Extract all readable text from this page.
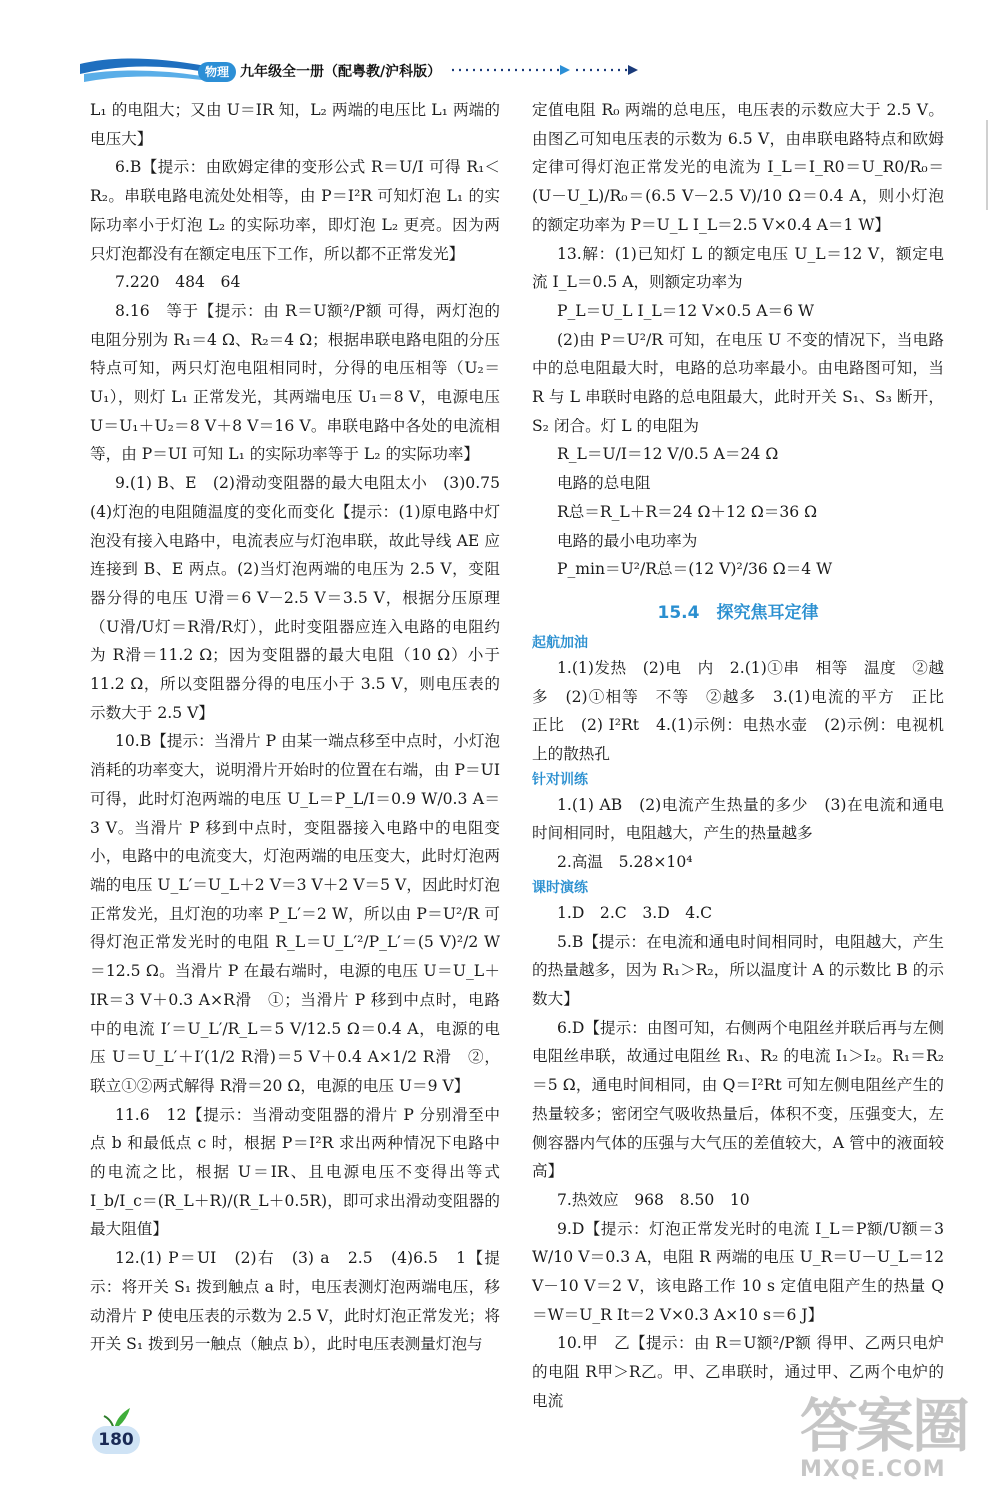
物理 九年级全一册（配粤教/沪科版）

L₁ 的电阻大；又由 U＝IR 知，L₂ 两端的电压比 L₁ 两端的电压大】

6.B【提示：由欧姆定律的变形公式 R＝U/I 可得 R₁＜R₂。串联电路电流处处相等，由 P＝I²R 可知灯泡 L₁ 的实际功率小于灯泡 L₂ 的实际功率，即灯泡 L₂ 更亮。因为两只灯泡都没有在额定电压下工作，所以都不正常发光】

7.220　484　64

8.16　等于【提示：由 R＝U额²/P额 可得，两灯泡的电阻分别为 R₁＝4 Ω、R₂＝4 Ω；根据串联电路电阻的分压特点可知，两只灯泡电阻相同时，分得的电压相等（U₂＝U₁），则灯 L₁ 正常发光，其两端电压 U₁＝8 V，电源电压 U＝U₁＋U₂＝8 V＋8 V＝16 V。串联电路中各处的电流相等，由 P＝UI 可知 L₁ 的实际功率等于 L₂ 的实际功率】

9.(1) B、E　(2)滑动变阻器的最大电阻太小　(3)0.75　(4)灯泡的电阻随温度的变化而变化【提示：(1)原电路中灯泡没有接入电路中，电流表应与灯泡串联，故此导线 AE 应连接到 B、E 两点。(2)当灯泡两端的电压为 2.5 V，变阻器分得的电压 U滑＝6 V－2.5 V＝3.5 V，根据分压原理（U滑/U灯＝R滑/R灯），此时变阻器应连入电路的电阻约为 R滑＝11.2 Ω；因为变阻器的最大电阻（10 Ω）小于 11.2 Ω，所以变阻器分得的电压小于 3.5 V，则电压表的示数大于 2.5 V】

10.B【提示：当滑片 P 由某一端点移至中点时，小灯泡消耗的功率变大，说明滑片开始时的位置在右端，由 P＝UI 可得，此时灯泡两端的电压 U_L＝P_L/I＝0.9 W/0.3 A＝3 V。当滑片 P 移到中点时，变阻器接入电路中的电阻变小，电路中的电流变大，灯泡两端的电压变大，此时灯泡两端的电压 U_L′＝U_L＋2 V＝3 V＋2 V＝5 V，因此时灯泡正常发光，且灯泡的功率 P_L′＝2 W，所以由 P＝U²/R 可得灯泡正常发光时的电阻 R_L＝U_L′²/P_L′＝(5 V)²/2 W＝12.5 Ω。当滑片 P 在最右端时，电源的电压 U＝U_L＋IR＝3 V＋0.3 A×R滑　①；当滑片 P 移到中点时，电路中的电流 I′＝U_L′/R_L＝5 V/12.5 Ω＝0.4 A，电源的电压 U＝U_L′＋I′(1/2 R滑)＝5 V＋0.4 A×1/2 R滑　②，联立①②两式解得 R滑＝20 Ω，电源的电压 U＝9 V】

11.6　12【提示：当滑动变阻器的滑片 P 分别滑至中点 b 和最低点 c 时，根据 P＝I²R 求出两种情况下电路中的电流之比，根据 U＝IR、且电源电压不变得出等式 I_b/I_c＝(R_L＋R)/(R_L＋0.5R)，即可求出滑动变阻器的最大阻值】

12.(1) P＝UI　(2)右　(3) a　2.5　(4)6.5　1【提示：将开关 S₁ 拨到触点 a 时，电压表测灯泡两端电压，移动滑片 P 使电压表的示数为 2.5 V，此时灯泡正常发光；将开关 S₁ 拨到另一触点（触点 b），此时电压表测量灯泡与

定值电阻 R₀ 两端的总电压，电压表的示数应大于 2.5 V。由图乙可知电压表的示数为 6.5 V，由串联电路特点和欧姆定律可得灯泡正常发光的电流为 I_L＝I_R0＝U_R0/R₀＝(U－U_L)/R₀＝(6.5 V－2.5 V)/10 Ω＝0.4 A，则小灯泡的额定功率为 P＝U_L I_L＝2.5 V×0.4 A＝1 W】

13.解：(1)已知灯 L 的额定电压 U_L＝12 V，额定电流 I_L＝0.5 A，则额定功率为

P_L＝U_L I_L＝12 V×0.5 A＝6 W

(2)由 P＝U²/R 可知，在电压 U 不变的情况下，当电路中的总电阻最大时，电路的总功率最小。由电路图可知，当 R 与 L 串联时电路的总电阻最大，此时开关 S₁、S₃ 断开，S₂ 闭合。灯 L 的电阻为

R_L＝U/I＝12 V/0.5 A＝24 Ω

电路的总电阻

R总＝R_L＋R＝24 Ω＋12 Ω＝36 Ω

电路的最小电功率为

P_min＝U²/R总＝(12 V)²/36 Ω＝4 W

15.4　探究焦耳定律
起航加油

1.(1)发热　(2)电　内　2.(1)①串　相等　温度　②越多　(2)①相等　不等　②越多　3.(1)电流的平方　正比　正比　(2) I²Rt　4.(1)示例：电热水壶　(2)示例：电视机上的散热孔

针对训练

1.(1) AB　(2)电流产生热量的多少　(3)在电流和通电时间相同时，电阻越大，产生的热量越多

2.高温　5.28×10⁴

课时演练

1.D　2.C　3.D　4.C

5.B【提示：在电流和通电时间相同时，电阻越大，产生的热量越多，因为 R₁＞R₂，所以温度计 A 的示数比 B 的示数大】

6.D【提示：由图可知，右侧两个电阻丝并联后再与左侧电阻丝串联，故通过电阻丝 R₁、R₂ 的电流 I₁＞I₂。R₁＝R₂＝5 Ω，通电时间相同，由 Q＝I²Rt 可知左侧电阻丝产生的热量较多；密闭空气吸收热量后，体积不变，压强变大，左侧容器内气体的压强与大气压的差值较大，A 管中的液面较高】

7.热效应　968　8.50　10

9.D【提示：灯泡正常发光时的电流 I_L＝P额/U额＝3 W/10 V＝0.3 A，电阻 R 两端的电压 U_R＝U－U_L＝12 V－10 V＝2 V，该电路工作 10 s 定值电阻产生的热量 Q＝W＝U_R It＝2 V×0.3 A×10 s＝6 J】

10.甲　乙【提示：由 R＝U额²/P额 得甲、乙两只电炉的电阻 R甲＞R乙。甲、乙串联时，通过甲、乙两个电炉的电流

180	答案圈
MXQE.COM
